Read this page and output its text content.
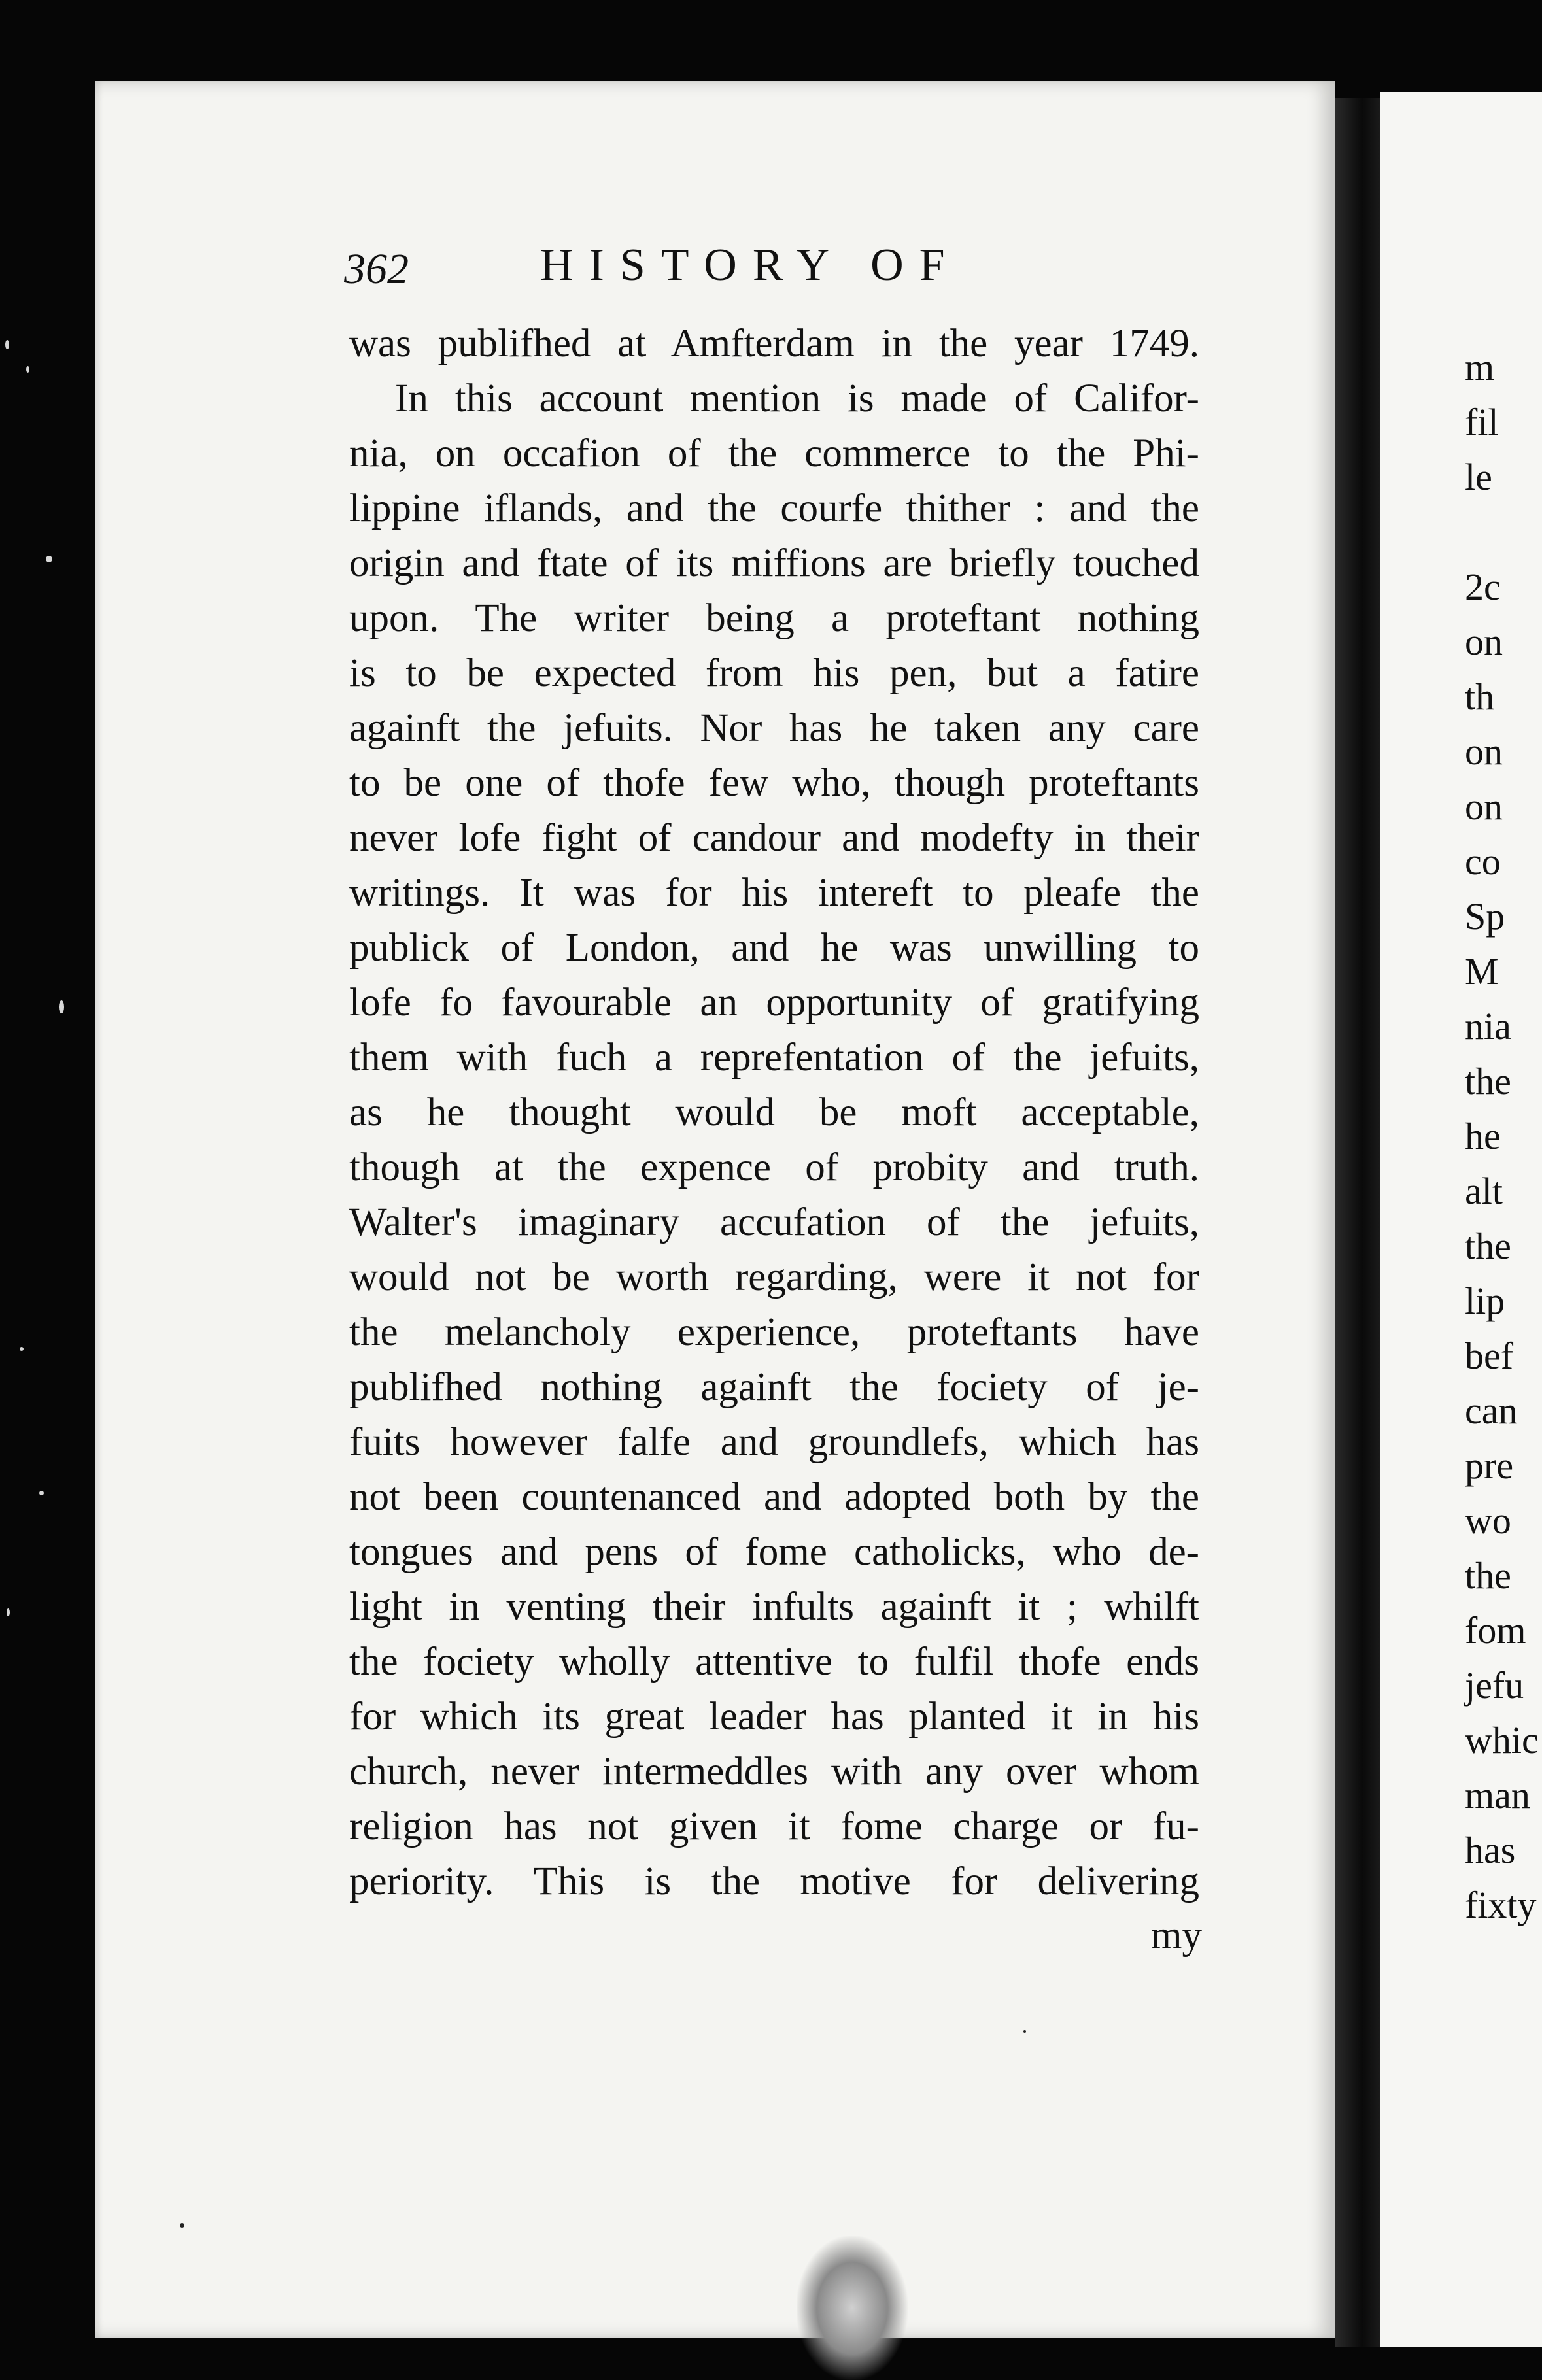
362	HISTORY OF
was publifhed at Amfterdam in the year 1749.
In this account mention is made of Califor-
nia, on occafion of the commerce to the Phi-
lippine iflands, and the courfe thither : and the
origin and ftate of its miffions are briefly touched
upon. The writer being a proteftant nothing
is to be expected from his pen, but a fatire
againft the jefuits. Nor has he taken any care
to be one of thofe few who, though proteftants
never lofe fight of candour and modefty in their
writings. It was for his intereft to pleafe the
publick of London, and he was unwilling to
lofe fo favourable an opportunity of gratifying
them with fuch a reprefentation of the jefuits,
as he thought would be moft acceptable,
though at the expence of probity and truth.
Walter's imaginary accufation of the jefuits,
would not be worth regarding, were it not for
the melancholy experience, proteftants have
publifhed nothing againft the fociety of je-
fuits however falfe and groundlefs, which has
not been countenanced and adopted both by the
tongues and pens of fome catholicks, who de-
light in venting their infults againft it ; whilft
the fociety wholly attentive to fulfil thofe ends
for which its great leader has planted it in his
church, never intermeddles with any over whom
religion has not given it fome charge or fu-
periority. This is the motive for delivering
my
m
fil
le
2c
on
th
on
on
co
Sp
M
nia
the
he
alt
the
lip
bef
can
pre
wo
the
fom
jefu
whic
man
has
fixty
